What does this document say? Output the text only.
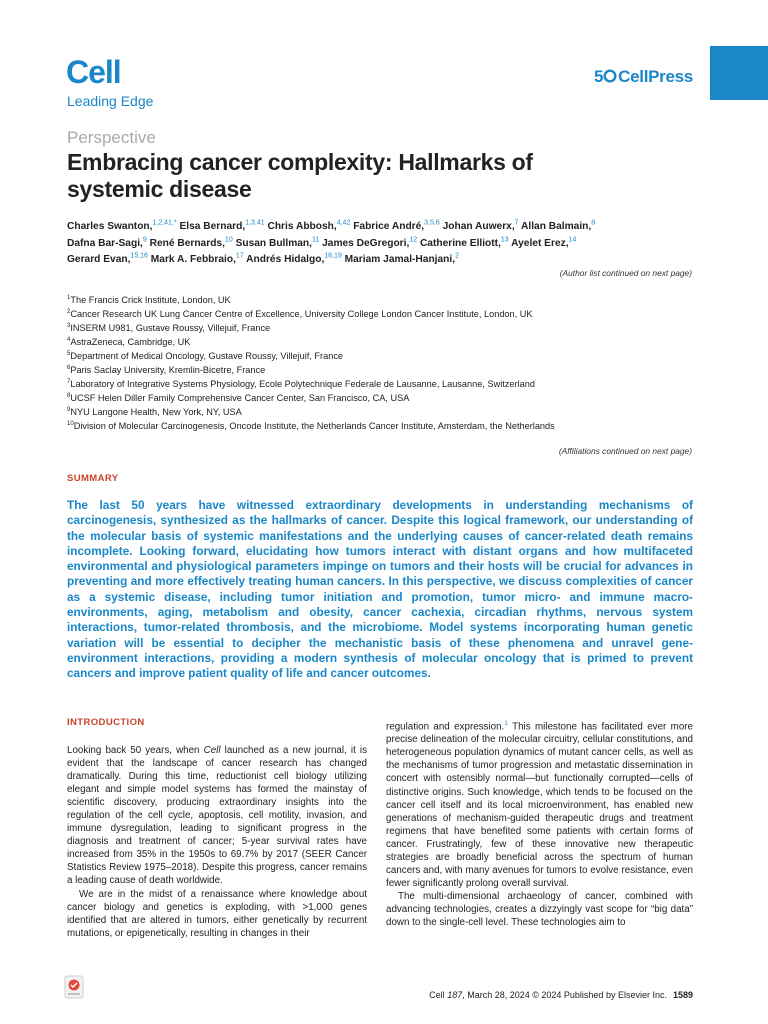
Cell
Leading Edge
5 CellPress
Perspective
Embracing cancer complexity: Hallmarks of systemic disease
Charles Swanton,$^{1,2,41,*}$ Elsa Bernard,$^{1,3,41}$ Chris Abbosh,$^{4,42}$ Fabrice André,$^{3,5,6}$ Johan Auwerx,$^7$ Allan Balmain,$^8$
Dafna Bar-Sagi,$^9$ René Bernards,$^{10}$ Susan Bullman,$^{11}$ James DeGregori,$^{12}$ Catherine Elliott,$^{13}$ Ayelet Erez,$^{14}$
Gerard Evan,$^{15,16}$ Mark A. Febbraio,$^{17}$ Andrés Hidalgo,$^{18,19}$ Mariam Jamal-Hanjani,$^2$
(Author list continued on next page)
$^1$The Francis Crick Institute, London, UK
$^2$Cancer Research UK Lung Cancer Centre of Excellence, University College London Cancer Institute, London, UK
$^3$INSERM U981, Gustave Roussy, Villejuif, France
$^4$AstraZeneca, Cambridge, UK
$^5$Department of Medical Oncology, Gustave Roussy, Villejuif, France
$^6$Paris Saclay University, Kremlin-Bicetre, France
$^7$Laboratory of Integrative Systems Physiology, Ecole Polytechnique Federale de Lausanne, Lausanne, Switzerland
$^8$UCSF Helen Diller Family Comprehensive Cancer Center, San Francisco, CA, USA
$^9$NYU Langone Health, New York, NY, USA
$^{10}$Division of Molecular Carcinogenesis, Oncode Institute, the Netherlands Cancer Institute, Amsterdam, the Netherlands
(Affiliations continued on next page)
SUMMARY
The last 50 years have witnessed extraordinary developments in understanding mechanisms of carcinogenesis, synthesized as the hallmarks of cancer. Despite this logical framework, our understanding of the molecular basis of systemic manifestations and the underlying causes of cancer-related death remains incomplete. Looking forward, elucidating how tumors interact with distant organs and how multifaceted environmental and physiological parameters impinge on tumors and their hosts will be crucial for advances in preventing and more effectively treating human cancers. In this perspective, we discuss complexities of cancer as a systemic disease, including tumor initiation and promotion, tumor micro- and immune macro-environments, aging, metabolism and obesity, cancer cachexia, circadian rhythms, nervous system interactions, tumor-related thrombosis, and the microbiome. Model systems incorporating human genetic variation will be essential to decipher the mechanistic basis of these phenomena and unravel gene-environment interactions, providing a modern synthesis of molecular oncology that is primed to prevent cancers and improve patient quality of life and cancer outcomes.
INTRODUCTION

Looking back 50 years, when Cell launched as a new journal, it is evident that the landscape of cancer research has changed dramatically. During this time, reductionist cell biology utilizing elegant and simple model systems has formed the mainstay of scientific discovery, producing extraordinary insights into the regulation of the cell cycle, apoptosis, cell motility, invasion, and immune dysregulation, leading to significant progress in the diagnosis and treatment of cancer; 5-year survival rates have increased from 35% in the 1950s to 69.7% by 2017 (SEER Cancer Statistics Review 1975–2018). Despite this progress, cancer remains a leading cause of death worldwide.

We are in the midst of a renaissance where knowledge about cancer biology and genetics is exploding, with >1,000 genes identified that are altered in tumors, either genetically by recurrent mutations, or epigenetically, resulting in changes in their

regulation and expression.$^1$ This milestone has facilitated ever more precise delineation of the molecular circuitry, cellular constitutions, and heterogeneous population dynamics of mutant cancer cells, as well as the mechanisms of tumor progression and metastatic dissemination in concert with ostensibly normal—but functionally corrupted—cells of distinctive origins. Such knowledge, which tends to be focused on the cancer cell itself and its local microenvironment, has enabled new generations of mechanism-guided therapeutic drugs and treatment regimens that have benefited some patients with certain forms of cancer. Frustratingly, few of these innovative new therapeutic strategies are broadly beneficial across the spectrum of human cancers and, with many avenues for tumors to evolve resistance, even fewer significantly prolong overall survival.

The multi-dimensional archaeology of cancer, combined with advancing technologies, creates a dizzyingly vast scope for “big data” down to the single-cell level. These technologies aim to

Cell 187, March 28, 2024 © 2024 Published by Elsevier Inc. 1589
